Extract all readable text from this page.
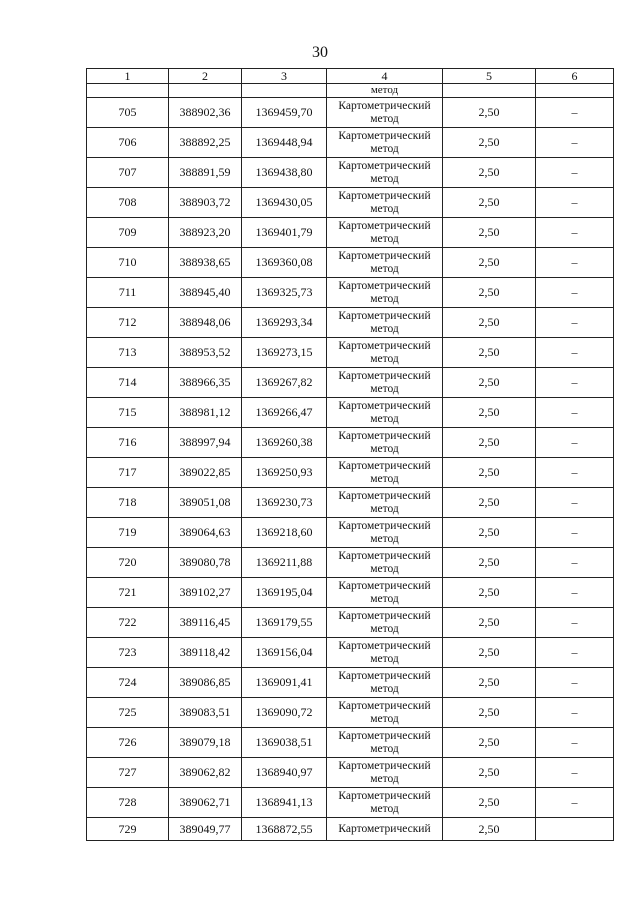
30
1	2	3	4	5	6
			метод		
705	388902,36	1369459,70	Картометрический метод	2,50	–
706	388892,25	1369448,94	Картометрический метод	2,50	–
707	388891,59	1369438,80	Картометрический метод	2,50	–
708	388903,72	1369430,05	Картометрический метод	2,50	–
709	388923,20	1369401,79	Картометрический метод	2,50	–
710	388938,65	1369360,08	Картометрический метод	2,50	–
711	388945,40	1369325,73	Картометрический метод	2,50	–
712	388948,06	1369293,34	Картометрический метод	2,50	–
713	388953,52	1369273,15	Картометрический метод	2,50	–
714	388966,35	1369267,82	Картометрический метод	2,50	–
715	388981,12	1369266,47	Картометрический метод	2,50	–
716	388997,94	1369260,38	Картометрический метод	2,50	–
717	389022,85	1369250,93	Картометрический метод	2,50	–
718	389051,08	1369230,73	Картометрический метод	2,50	–
719	389064,63	1369218,60	Картометрический метод	2,50	–
720	389080,78	1369211,88	Картометрический метод	2,50	–
721	389102,27	1369195,04	Картометрический метод	2,50	–
722	389116,45	1369179,55	Картометрический метод	2,50	–
723	389118,42	1369156,04	Картометрический метод	2,50	–
724	389086,85	1369091,41	Картометрический метод	2,50	–
725	389083,51	1369090,72	Картометрический метод	2,50	–
726	389079,18	1369038,51	Картометрический метод	2,50	–
727	389062,82	1368940,97	Картометрический метод	2,50	–
728	389062,71	1368941,13	Картометрический метод	2,50	–
729	389049,77	1368872,55	Картометрический	2,50	
